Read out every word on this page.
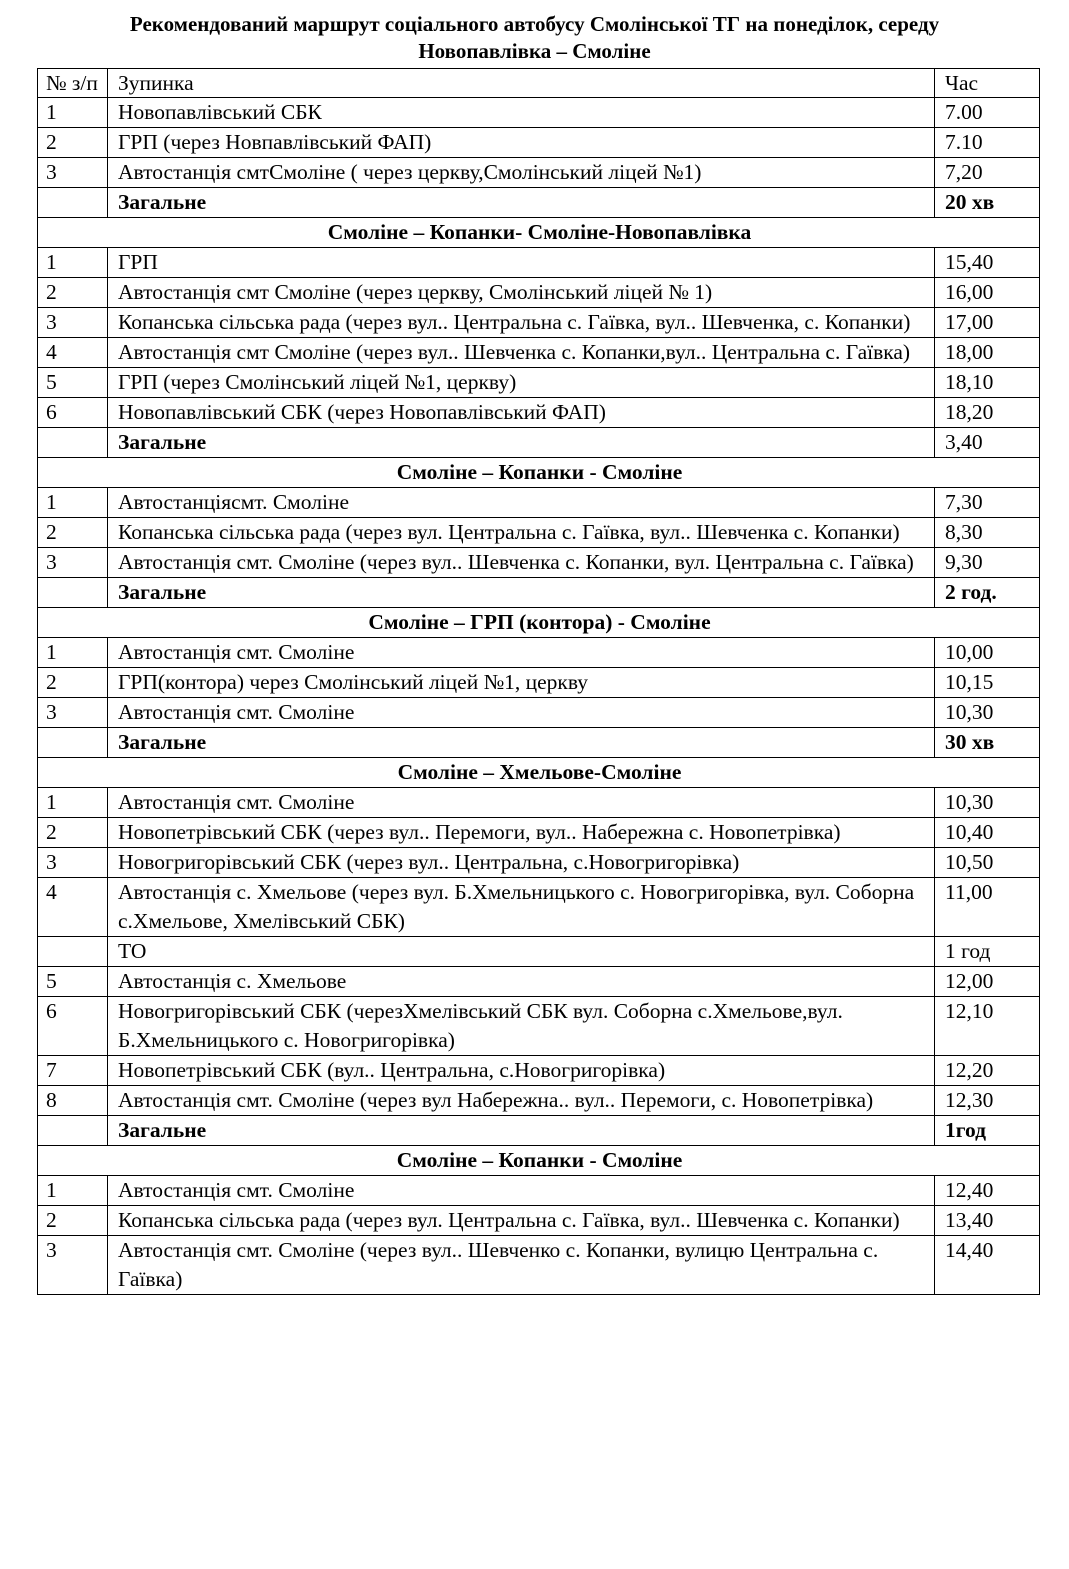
Рекомендований маршрут соціального автобусу Смолінської ТГ на понеділок, середу
Новопавлівка – Смоліне
№ з/п	Зупинка	Час
1	Новопавлівський СБК	7.00
2	ГРП (через Новпавлівський ФАП)	7.10
3	Автостанція смтСмоліне ( через церкву,Смолінський ліцей №1)	7,20
	Загальне	20 хв
Смоліне – Копанки- Смоліне-Новопавлівка		
1	ГРП	15,40
2	Автостанція смт Смоліне (через церкву, Смолінський ліцей № 1)	16,00
3	Копанська сільська рада (через вул.. Центральна с. Гаївка, вул.. Шевченка, с. Копанки)	17,00
4	Автостанція смт Смоліне (через вул.. Шевченка с. Копанки,вул.. Центральна с. Гаївка)	18,00
5	ГРП (через Смолінський ліцей №1, церкву)	18,10
6	Новопавлівський СБК (через Новопавлівський ФАП)	18,20
	Загальне	3,40
Смоліне – Копанки - Смоліне		
1	Автостанціясмт. Смоліне	7,30
2	Копанська сільська рада (через вул. Центральна с. Гаївка, вул.. Шевченка с. Копанки)	8,30
3	Автостанція смт. Смоліне (через вул.. Шевченка с. Копанки, вул. Центральна с. Гаївка)	9,30
	Загальне	2 год.
Смоліне – ГРП (контора) - Смоліне		
1	Автостанція смт. Смоліне	10,00
2	ГРП(контора) через Смолінський ліцей №1, церкву	10,15
3	Автостанція смт. Смоліне	10,30
	Загальне	30 хв
Смоліне – Хмельове-Смоліне		
1	Автостанція смт. Смоліне	10,30
2	Новопетрівський СБК (через вул.. Перемоги, вул.. Набережна с. Новопетрівка)	10,40
3	Новогригорівський СБК (через вул.. Центральна, с.Новогригорівка)	10,50
4	Автостанція с. Хмельове (через вул. Б.Хмельницького с. Новогригорівка, вул. Соборна с.Хмельове, Хмелівський СБК)	11,00
	ТО	1 год
5	Автостанція с. Хмельове	12,00
6	Новогригорівський СБК (черезХмелівський СБК вул. Соборна с.Хмельове,вул. Б.Хмельницького с. Новогригорівка)	12,10
7	Новопетрівський СБК (вул.. Центральна, с.Новогригорівка)	12,20
8	Автостанція смт. Смоліне (через вул Набережна.. вул.. Перемоги, с. Новопетрівка)	12,30
	Загальне	1год
Смоліне – Копанки - Смоліне		
1	Автостанція смт. Смоліне	12,40
2	Копанська сільська рада (через вул. Центральна с. Гаївка, вул.. Шевченка с. Копанки)	13,40
3	Автостанція смт. Смоліне (через вул.. Шевченко с. Копанки, вулицю Центральна с. Гаївка)	14,40
